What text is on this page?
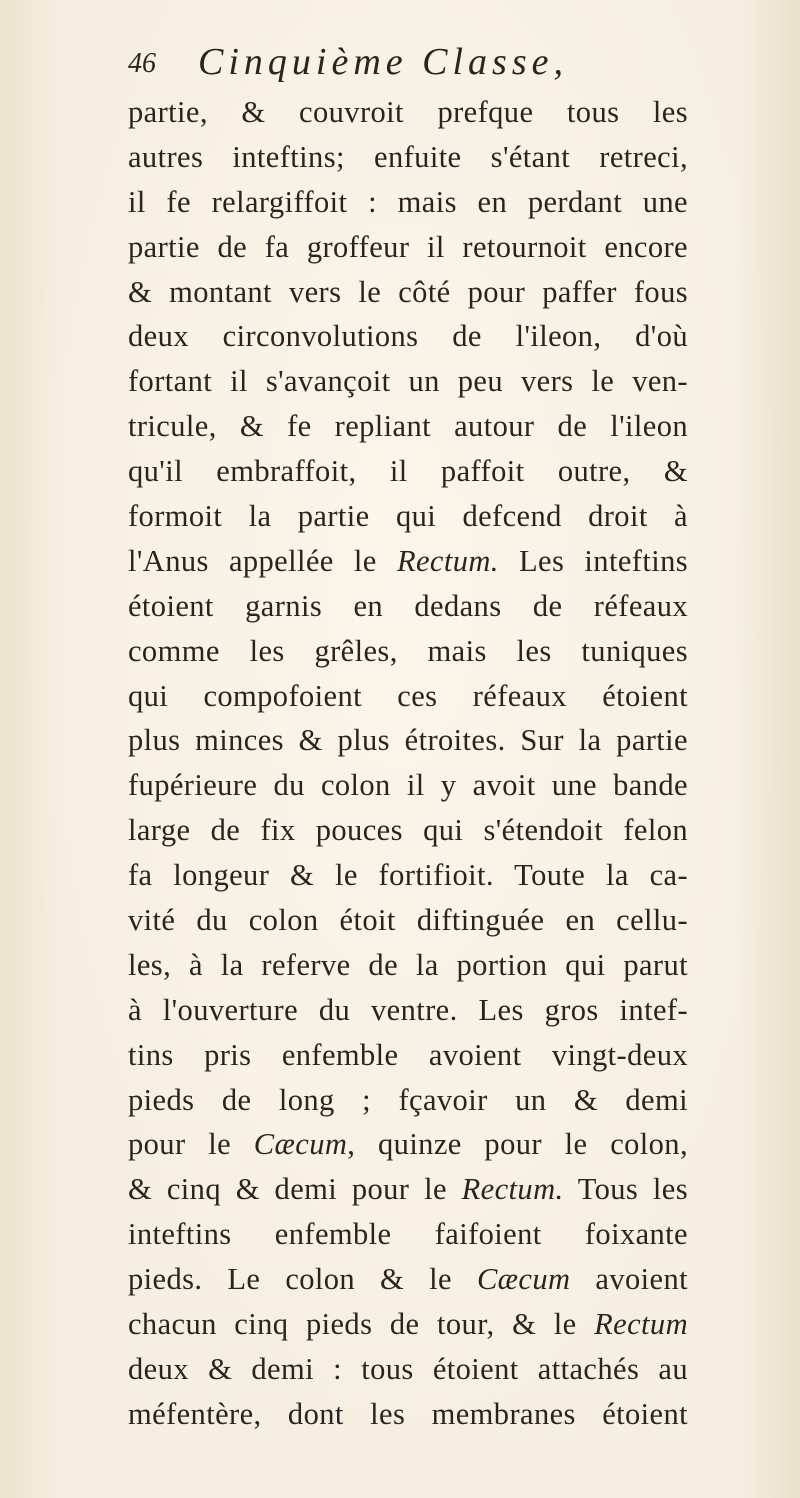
46 Cinquième Classe,
partie, & couvroit prefque tous les
autres inteftins; enfuite s'étant retreci,
il fe relargiffoit : mais en perdant une
partie de fa groffeur il retournoit encore
& montant vers le côté pour paffer fous
deux circonvolutions de l'ileon, d'où
fortant il s'avançoit un peu vers le ven-
tricule, & fe repliant autour de l'ileon
qu'il embraffoit, il paffoit outre, &
formoit la partie qui defcend droit à
l'Anus appellée le Rectum. Les inteftins
étoient garnis en dedans de réfeaux
comme les grêles, mais les tuniques
qui compofoient ces réfeaux étoient
plus minces & plus étroites. Sur la partie
fupérieure du colon il y avoit une bande
large de fix pouces qui s'étendoit felon
fa longeur & le fortifioit. Toute la ca-
vité du colon étoit diftinguée en cellu-
les, à la referve de la portion qui parut
à l'ouverture du ventre. Les gros intef-
tins pris enfemble avoient vingt-deux
pieds de long ; fçavoir un & demi
pour le Cæcum, quinze pour le colon,
& cinq & demi pour le Rectum. Tous les
inteftins enfemble faifoient foixante
pieds. Le colon & le Cæcum avoient
chacun cinq pieds de tour, & le Rectum
deux & demi : tous étoient attachés au
méfentère, dont les membranes étoient
